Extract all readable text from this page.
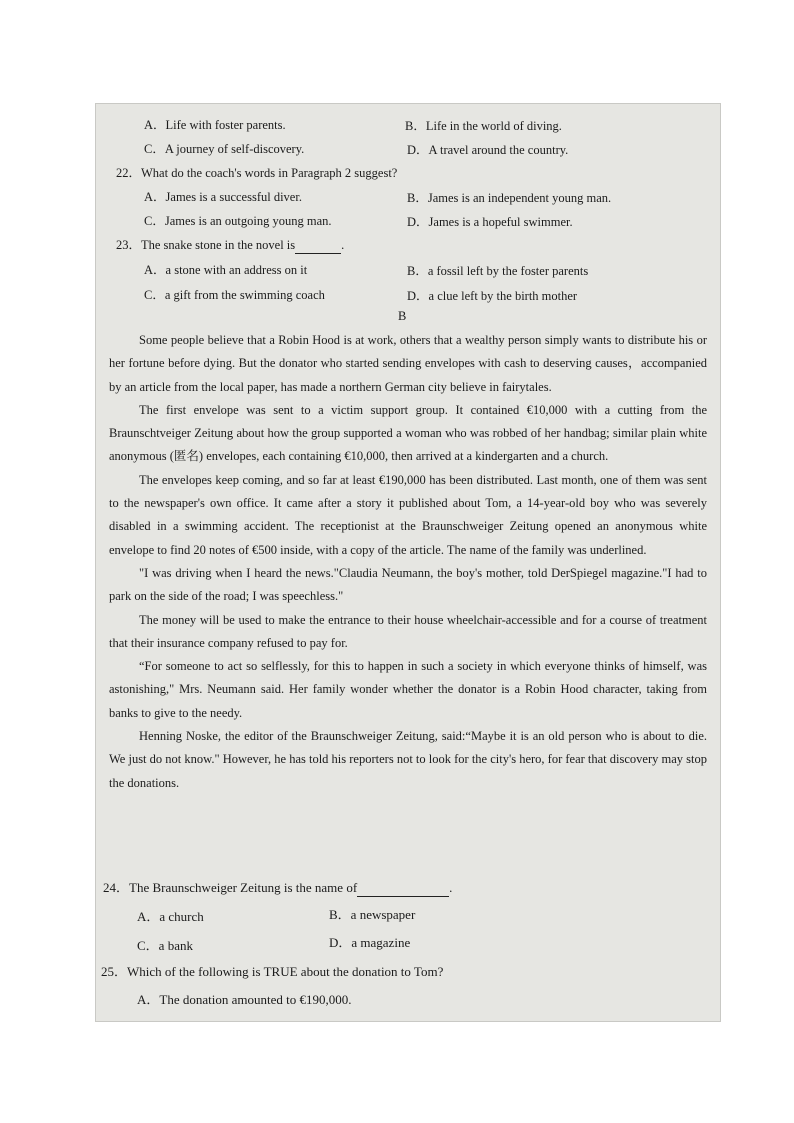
A．Life with foster parents.	B．Life in the world of diving.
C．A journey of self-discovery.	D．A travel around the country.
22．What do the coach's words in Paragraph 2 suggest?
A．James is a successful diver.	B．James is an independent young man.
C．James is an outgoing young man.	D．James is a hopeful swimmer.
23．The snake stone in the novel is	.
A．a stone with an address on it	B．a fossil left by the foster parents
C．a gift from the swimming coach	D．a clue left by the birth mother
B

Some people believe that a Robin Hood is at work, others that a wealthy person simply wants to distribute his or her fortune before dying. But the donator who started sending envelopes with cash to deserving causes，accompanied by an article from the local paper, has made a northern German city believe in fairytales.

The first envelope was sent to a victim support group. It contained €10,000 with a cutting from the Braunschtveiger Zeitung about how the group supported a woman who was robbed of her handbag; similar plain white anonymous (匿名) envelopes, each containing €10,000, then arrived at a kindergarten and a church.

The envelopes keep coming, and so far at least €190,000 has been distributed. Last month, one of them was sent to the newspaper's own office. It came after a story it published about Tom, a 14-year-old boy who was severely disabled in a swimming accident. The receptionist at the Braunschweiger Zeitung opened an anonymous white envelope to find 20 notes of €500 inside, with a copy of the article. The name of the family was underlined.

"I was driving when I heard the news."Claudia Neumann, the boy's mother, told DerSpiegel magazine."I had to park on the side of the road; I was speechless."

The money will be used to make the entrance to their house wheelchair-accessible and for a course of treatment that their insurance company refused to pay for.

“For someone to act so selflessly, for this to happen in such a society in which everyone thinks of himself, was astonishing," Mrs. Neumann said. Her family wonder whether the donator is a Robin Hood character, taking from banks to give to the needy.

Henning Noske, the editor of the Braunschweiger Zeitung, said:“Maybe it is an old person who is about to die. We just do not know." However, he has told his reporters not to look for the city's hero, for fear that discovery may stop the donations.

24．The Braunschweiger Zeitung is the name of	.
A．a church	B．a newspaper
C．a bank	D．a magazine
25．Which of the following is TRUE about the donation to Tom?
A．The donation amounted to €190,000.
